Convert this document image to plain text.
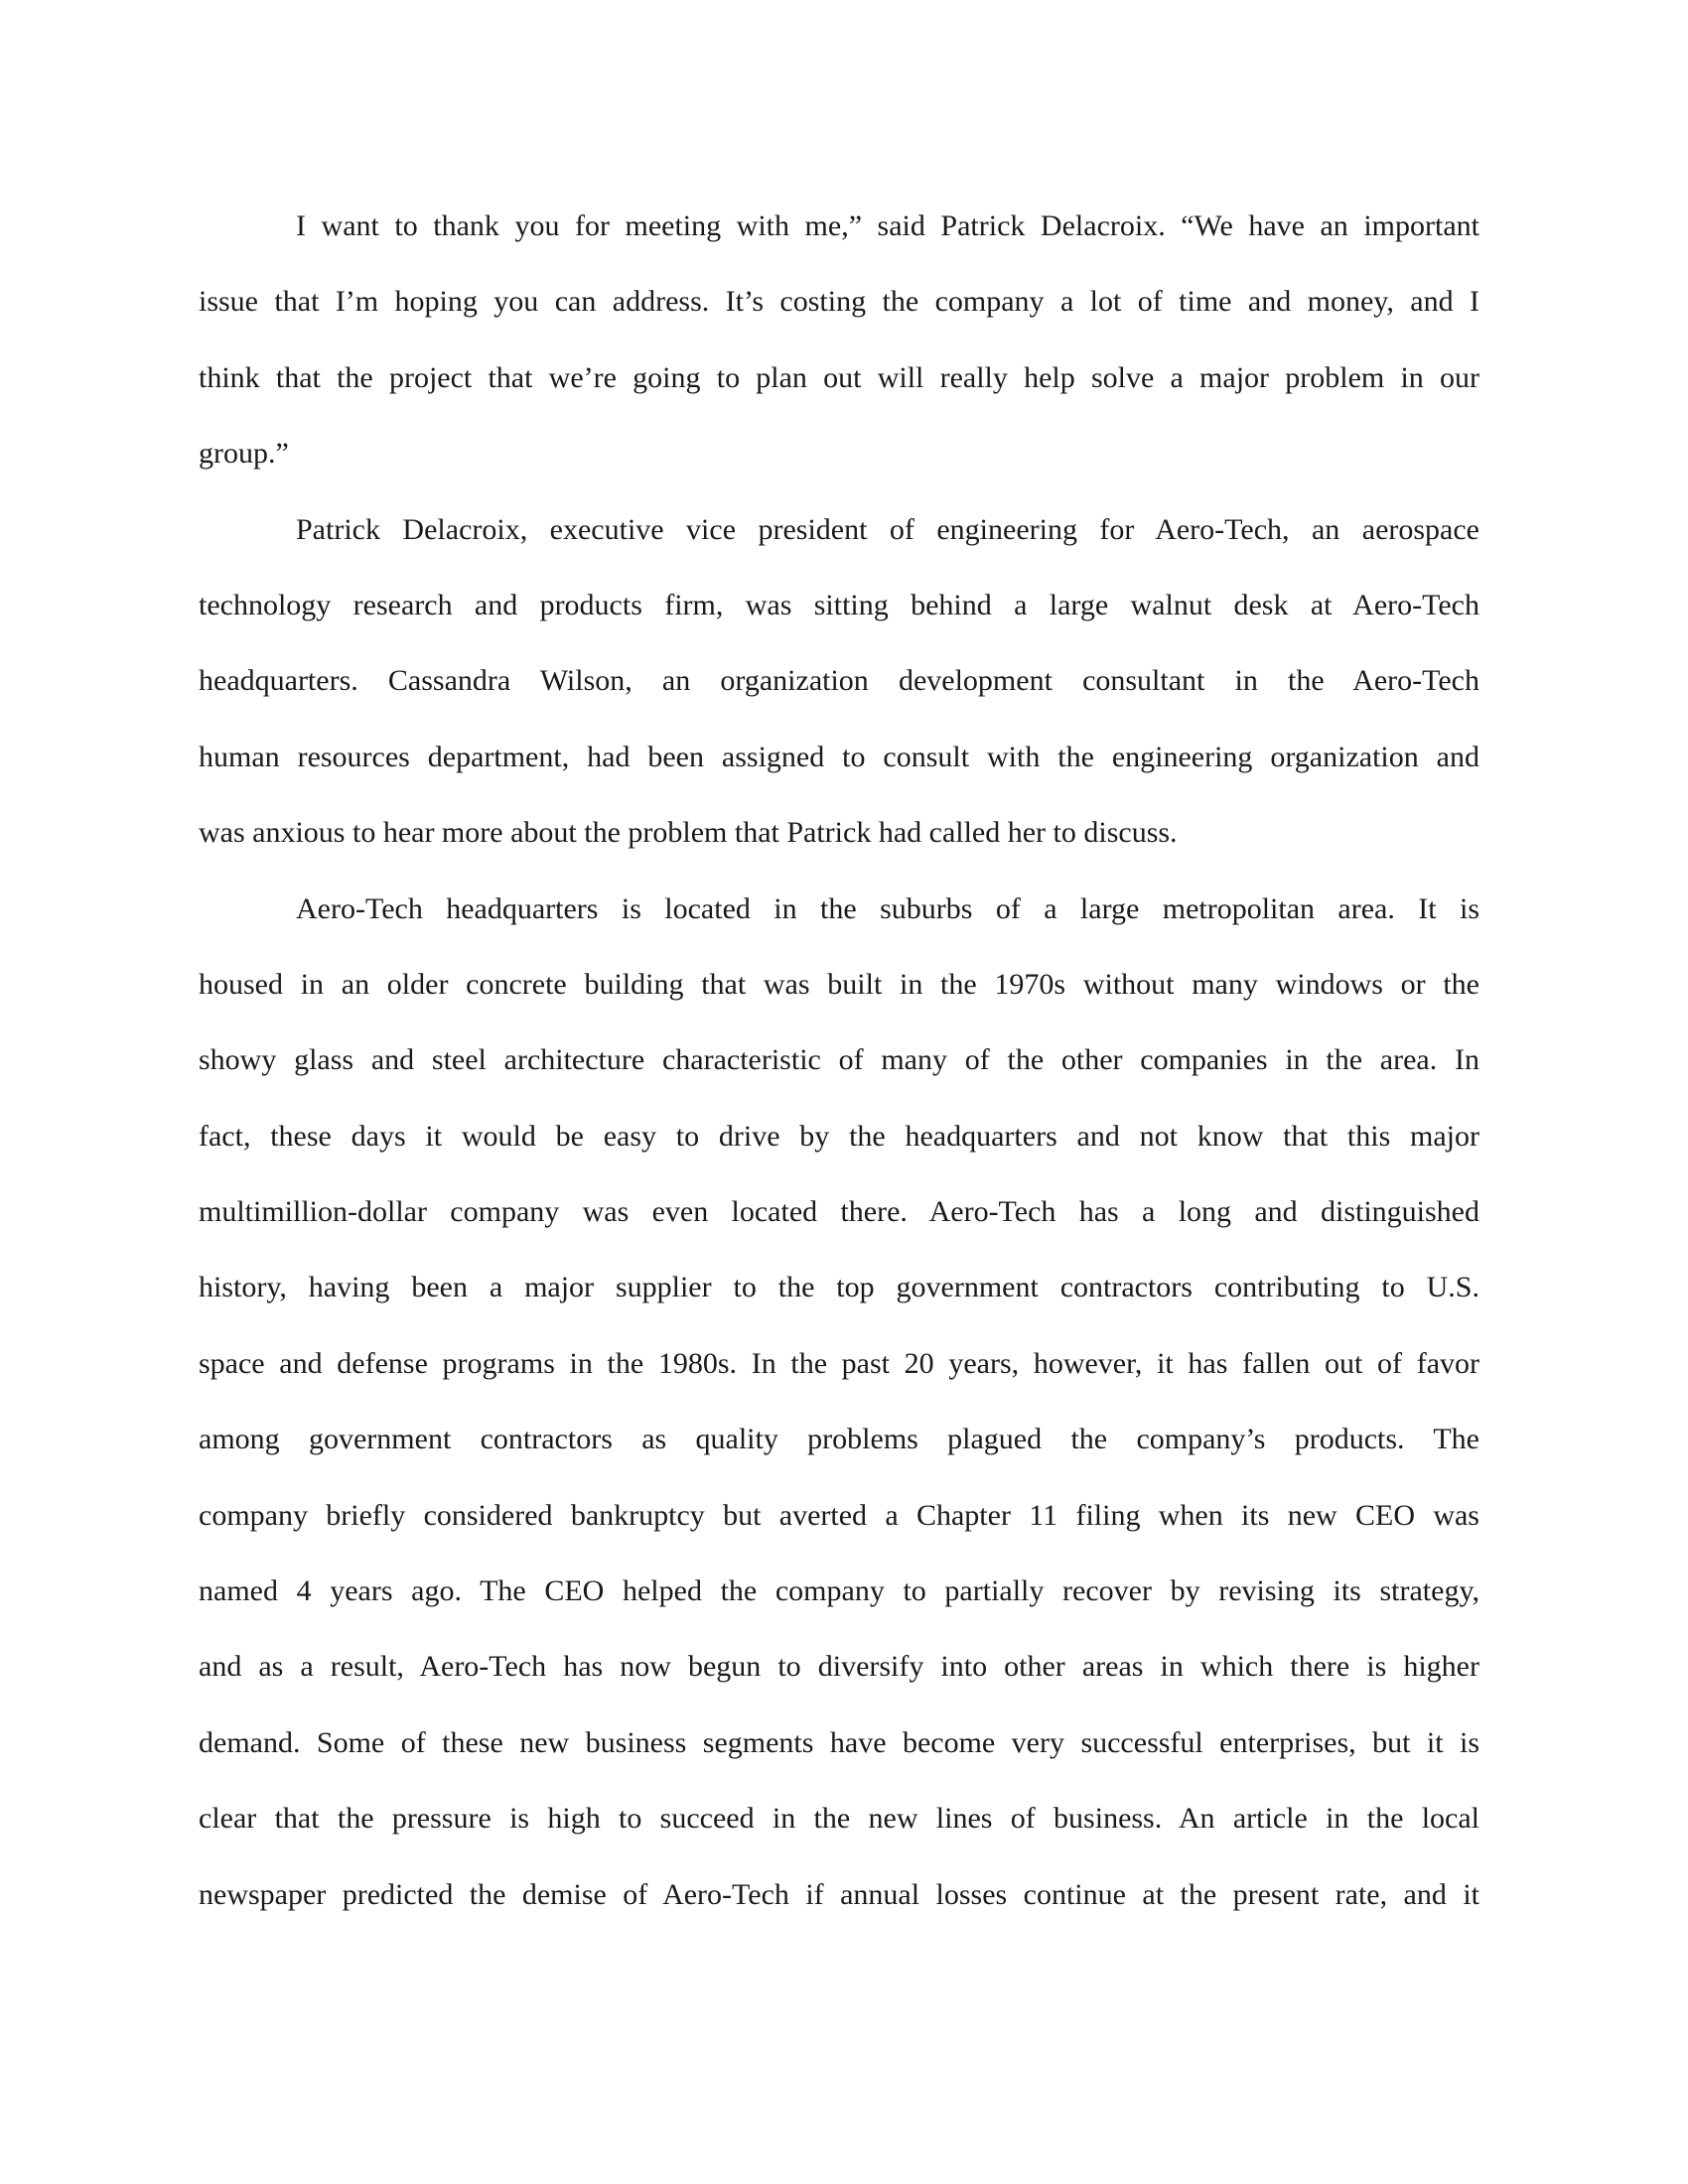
I want to thank you for meeting with me,” said Patrick Delacroix. “We have an important
issue that I’m hoping you can address. It’s costing the company a lot of time and money, and I
think that the project that we’re going to plan out will really help solve a major problem in our
group.”

Patrick Delacroix, executive vice president of engineering for Aero-Tech, an aerospace
technology research and products firm, was sitting behind a large walnut desk at Aero-Tech
headquarters. Cassandra Wilson, an organization development consultant in the Aero-Tech
human resources department, had been assigned to consult with the engineering organization and
was anxious to hear more about the problem that Patrick had called her to discuss.

Aero-Tech headquarters is located in the suburbs of a large metropolitan area. It is
housed in an older concrete building that was built in the 1970s without many windows or the
showy glass and steel architecture characteristic of many of the other companies in the area. In
fact, these days it would be easy to drive by the headquarters and not know that this major
multimillion-dollar company was even located there. Aero-Tech has a long and distinguished
history, having been a major supplier to the top government contractors contributing to U.S.
space and defense programs in the 1980s. In the past 20 years, however, it has fallen out of favor
among government contractors as quality problems plagued the company’s products. The
company briefly considered bankruptcy but averted a Chapter 11 filing when its new CEO was
named 4 years ago. The CEO helped the company to partially recover by revising its strategy,
and as a result, Aero-Tech has now begun to diversify into other areas in which there is higher
demand. Some of these new business segments have become very successful enterprises, but it is
clear that the pressure is high to succeed in the new lines of business. An article in the local
newspaper predicted the demise of Aero-Tech if annual losses continue at the present rate, and it
